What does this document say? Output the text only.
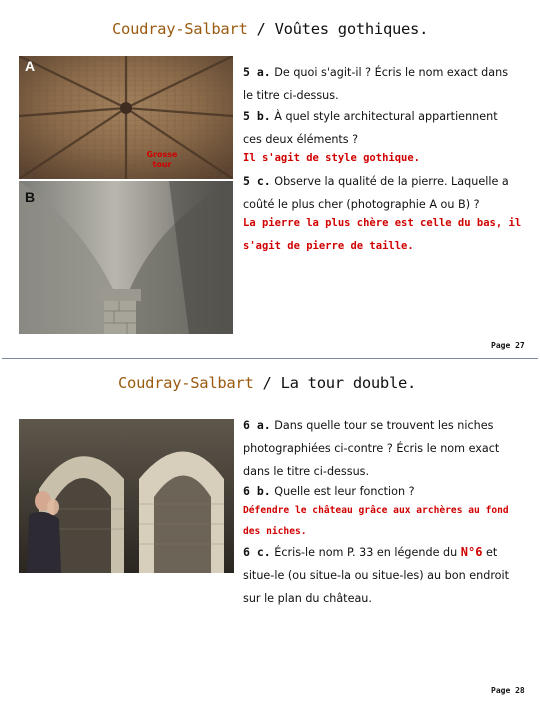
Coudray-Salbart / Voûtes gothiques.
A
Grosse
tour
B
5 a. De quoi s'agit-il ? Écris le nom exact dans
le titre ci-dessus.
5 b. À quel style architectural appartiennent
ces deux éléments ?
Il s'agit de style gothique.
5 c. Observe la qualité de la pierre. Laquelle a
coûté le plus cher (photographie A ou B) ?
La pierre la plus chère est celle du bas, il
s'agit de pierre de taille.
Page 27
Coudray-Salbart / La tour double.
6 a. Dans quelle tour se trouvent les niches
photographiées ci-contre ? Écris le nom exact
dans le titre ci-dessus.
6 b. Quelle est leur fonction ?
Défendre le château grâce aux archères au fond
des niches.
6 c. Écris-le nom P. 33 en légende du N°6 et
situe-le (ou situe-la ou situe-les) au bon endroit
sur le plan du château.
Page 28
